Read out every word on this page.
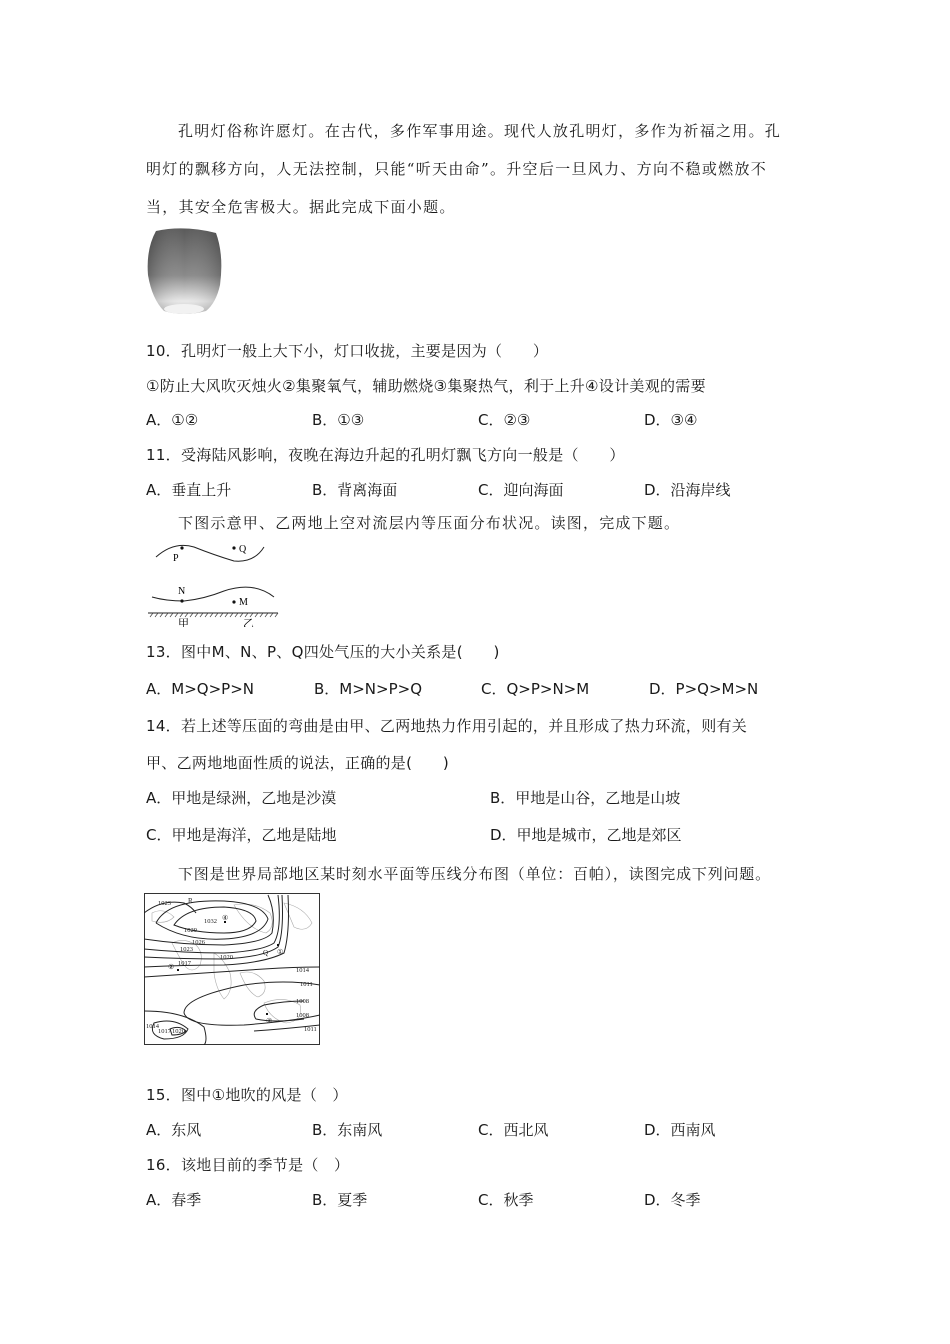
孔明灯俗称许愿灯。在古代，多作军事用途。现代人放孔明灯，多作为祈福之用。孔
明灯的飘移方向，人无法控制，只能“听天由命”。升空后一旦风力、方向不稳或燃放不
当，其安全危害极大。据此完成下面小题。
10．孔明灯一般上大下小，灯口收拢，主要是因为（　　）
①防止大风吹灭烛火②集聚氧气，辅助燃烧③集聚热气，利于上升④设计美观的需要
A．①②	B．①③	C．②③	D．③④
11．受海陆风影响，夜晚在海边升起的孔明灯飘飞方向一般是（　　）
A．垂直上升	B．背离海面	C．迎向海面	D．沿海岸线
下图示意甲、乙两地上空对流层内等压面分布状况。读图，完成下题。
P
Q
N
M
甲	乙
13．图中M、N、P、Q四处气压的大小关系是(　　)
A．M>Q>P>N	B．M>N>P>Q	C．Q>P>N>M	D．P>Q>M>N
14．若上述等压面的弯曲是由甲、乙两地热力作用引起的，并且形成了热力环流，则有关
甲、乙两地地面性质的说法，正确的是(　　)
A．甲地是绿洲，乙地是沙漠	B．甲地是山谷，乙地是山坡
C．甲地是海洋，乙地是陆地	D．甲地是城市，乙地是郊区
下图是世界局部地区某时刻水平面等压线分布图（单位：百帕），读图完成下列问题。
1023
1032
1029
1026
1023
1020
1017
1014
1011
1008
1008
1011
1014
1017 1020
R
Q ①
②
③
④
15．图中①地吹的风是（　）
A．东风	B．东南风	C．西北风	D．西南风
16．该地目前的季节是（　）
A．春季	B．夏季	C．秋季	D．冬季
